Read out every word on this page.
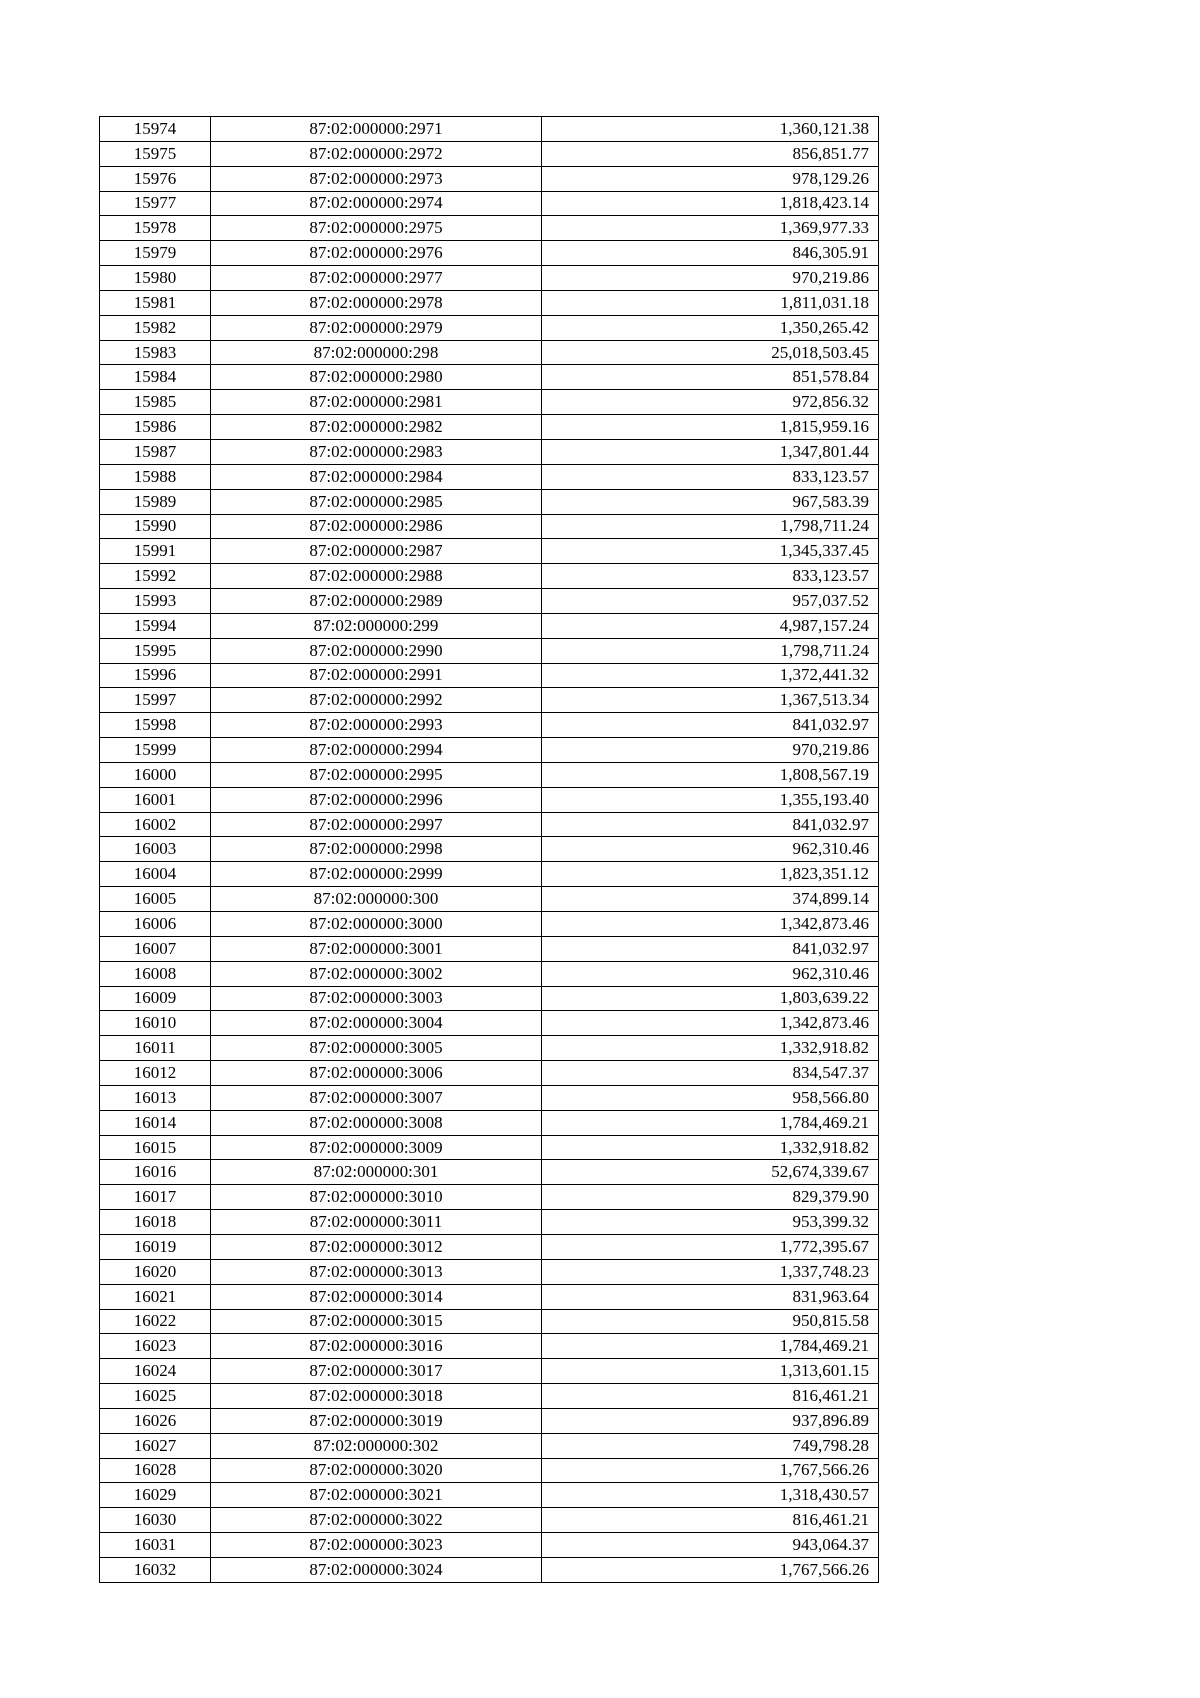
15974	87:02:000000:2971	1,360,121.38
15975	87:02:000000:2972	856,851.77
15976	87:02:000000:2973	978,129.26
15977	87:02:000000:2974	1,818,423.14
15978	87:02:000000:2975	1,369,977.33
15979	87:02:000000:2976	846,305.91
15980	87:02:000000:2977	970,219.86
15981	87:02:000000:2978	1,811,031.18
15982	87:02:000000:2979	1,350,265.42
15983	87:02:000000:298	25,018,503.45
15984	87:02:000000:2980	851,578.84
15985	87:02:000000:2981	972,856.32
15986	87:02:000000:2982	1,815,959.16
15987	87:02:000000:2983	1,347,801.44
15988	87:02:000000:2984	833,123.57
15989	87:02:000000:2985	967,583.39
15990	87:02:000000:2986	1,798,711.24
15991	87:02:000000:2987	1,345,337.45
15992	87:02:000000:2988	833,123.57
15993	87:02:000000:2989	957,037.52
15994	87:02:000000:299	4,987,157.24
15995	87:02:000000:2990	1,798,711.24
15996	87:02:000000:2991	1,372,441.32
15997	87:02:000000:2992	1,367,513.34
15998	87:02:000000:2993	841,032.97
15999	87:02:000000:2994	970,219.86
16000	87:02:000000:2995	1,808,567.19
16001	87:02:000000:2996	1,355,193.40
16002	87:02:000000:2997	841,032.97
16003	87:02:000000:2998	962,310.46
16004	87:02:000000:2999	1,823,351.12
16005	87:02:000000:300	374,899.14
16006	87:02:000000:3000	1,342,873.46
16007	87:02:000000:3001	841,032.97
16008	87:02:000000:3002	962,310.46
16009	87:02:000000:3003	1,803,639.22
16010	87:02:000000:3004	1,342,873.46
16011	87:02:000000:3005	1,332,918.82
16012	87:02:000000:3006	834,547.37
16013	87:02:000000:3007	958,566.80
16014	87:02:000000:3008	1,784,469.21
16015	87:02:000000:3009	1,332,918.82
16016	87:02:000000:301	52,674,339.67
16017	87:02:000000:3010	829,379.90
16018	87:02:000000:3011	953,399.32
16019	87:02:000000:3012	1,772,395.67
16020	87:02:000000:3013	1,337,748.23
16021	87:02:000000:3014	831,963.64
16022	87:02:000000:3015	950,815.58
16023	87:02:000000:3016	1,784,469.21
16024	87:02:000000:3017	1,313,601.15
16025	87:02:000000:3018	816,461.21
16026	87:02:000000:3019	937,896.89
16027	87:02:000000:302	749,798.28
16028	87:02:000000:3020	1,767,566.26
16029	87:02:000000:3021	1,318,430.57
16030	87:02:000000:3022	816,461.21
16031	87:02:000000:3023	943,064.37
16032	87:02:000000:3024	1,767,566.26
